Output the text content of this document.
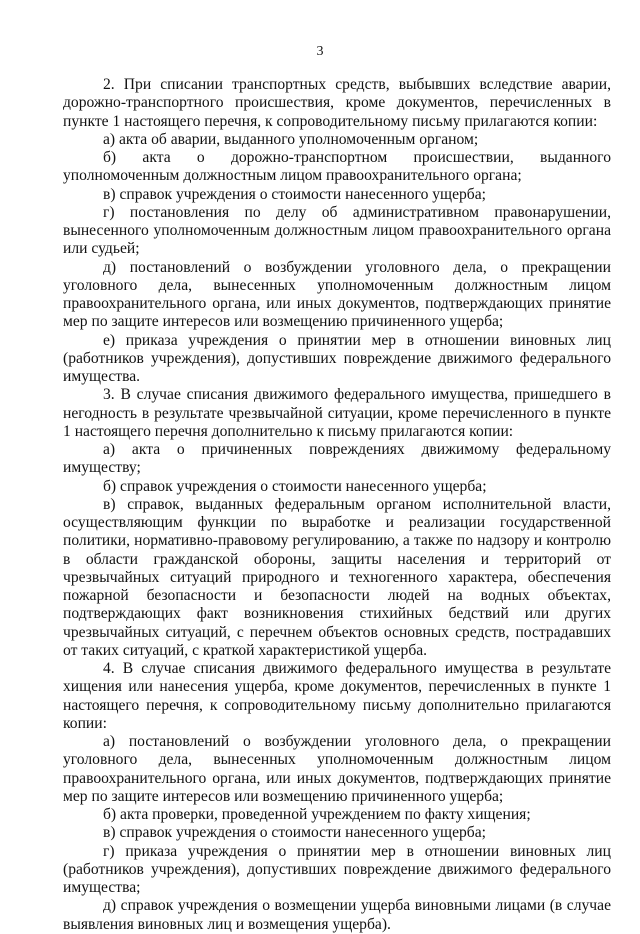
3

2. При списании транспортных средств, выбывших вследствие аварии, дорожно-транспортного происшествия, кроме документов, перечисленных в пункте 1 настоящего перечня, к сопроводительному письму прилагаются копии:

а) акта об аварии, выданного уполномоченным органом;

б) акта о дорожно-транспортном происшествии, выданного уполномоченным должностным лицом правоохранительного органа;

в) справок учреждения о стоимости нанесенного ущерба;

г) постановления по делу об административном правонарушении, вынесенного уполномоченным должностным лицом правоохранительного органа или судьей;

д) постановлений о возбуждении уголовного дела, о прекращении уголовного дела, вынесенных уполномоченным должностным лицом правоохранительного органа, или иных документов, подтверждающих принятие мер по защите интересов или возмещению причиненного ущерба;

е) приказа учреждения о принятии мер в отношении виновных лиц (работников учреждения), допустивших повреждение движимого федерального имущества.

3. В случае списания движимого федерального имущества, пришедшего в негодность в результате чрезвычайной ситуации, кроме перечисленного в пункте 1 настоящего перечня дополнительно к письму прилагаются копии:

а) акта о причиненных повреждениях движимому федеральному имуществу;

б) справок учреждения о стоимости нанесенного ущерба;

в) справок, выданных федеральным органом исполнительной власти, осуществляющим функции по выработке и реализации государственной политики, нормативно-правовому регулированию, а также по надзору и контролю в области гражданской обороны, защиты населения и территорий от чрезвычайных ситуаций природного и техногенного характера, обеспечения пожарной безопасности и безопасности людей на водных объектах, подтверждающих факт возникновения стихийных бедствий или других чрезвычайных ситуаций, с перечнем объектов основных средств, пострадавших от таких ситуаций, с краткой характеристикой ущерба.

4. В случае списания движимого федерального имущества в результате хищения или нанесения ущерба, кроме документов, перечисленных в пункте 1 настоящего перечня, к сопроводительному письму дополнительно прилагаются копии:

а) постановлений о возбуждении уголовного дела, о прекращении уголовного дела, вынесенных уполномоченным должностным лицом правоохранительного органа, или иных документов, подтверждающих принятие мер по защите интересов или возмещению причиненного ущерба;

б) акта проверки, проведенной учреждением по факту хищения;

в) справок учреждения о стоимости нанесенного ущерба;

г) приказа учреждения о принятии мер в отношении виновных лиц (работников учреждения), допустивших повреждение движимого федерального имущества;

д) справок учреждения о возмещении ущерба виновными лицами (в случае выявления виновных лиц и возмещения ущерба).
